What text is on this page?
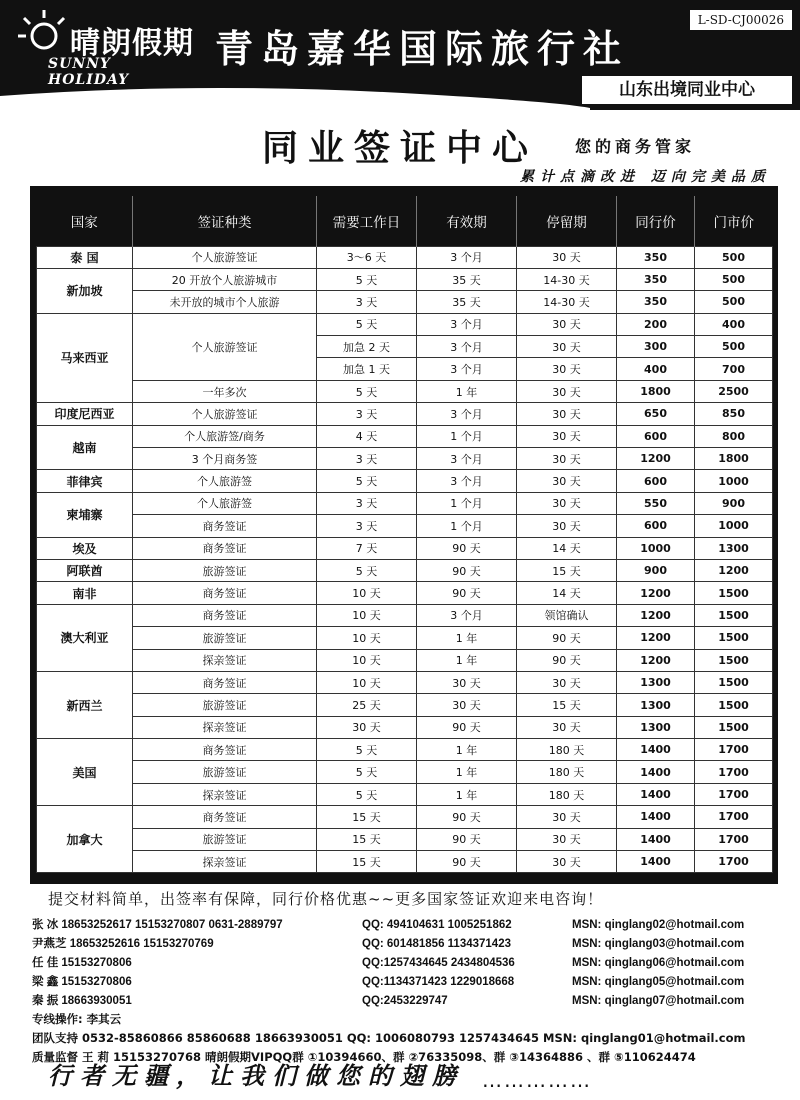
晴朗假期
SUNNY HOLIDAY
青岛嘉华国际旅行社
L-SD-CJ00026
山东出境同业中心
同业签证中心 您的商务管家
累计点滴改进 迈向完美品质
国家	签证种类	需要工作日	有效期	停留期	同行价	门市价
泰 国	个人旅游签证	3～6 天	3 个月	30 天	350	500
新加坡	20 开放个人旅游城市	5 天	35 天	14-30 天	350	500
	未开放的城市个人旅游	3 天	35 天	14-30 天	350	500
马来西亚	个人旅游签证	5 天	3 个月	30 天	200	400
		加急 2 天	3 个月	30 天	300	500
		加急 1 天	3 个月	30 天	400	700
	一年多次	5 天	1 年	30 天	1800	2500
印度尼西亚	个人旅游签证	3 天	3 个月	30 天	650	850
越南	个人旅游签/商务	4 天	1 个月	30 天	600	800
	3 个月商务签	3 天	3 个月	30 天	1200	1800
菲律宾	个人旅游签	5 天	3 个月	30 天	600	1000
柬埔寨	个人旅游签	3 天	1 个月	30 天	550	900
	商务签证	3 天	1 个月	30 天	600	1000
埃及	商务签证	7 天	90 天	14 天	1000	1300
阿联酋	旅游签证	5 天	90 天	15 天	900	1200
南非	商务签证	10 天	90 天	14 天	1200	1500
澳大利亚	商务签证	10 天	3 个月	领馆确认	1200	1500
	旅游签证	10 天	1 年	90 天	1200	1500
	探亲签证	10 天	1 年	90 天	1200	1500
新西兰	商务签证	10 天	30 天	30 天	1300	1500
	旅游签证	25 天	30 天	15 天	1300	1500
	探亲签证	30 天	90 天	30 天	1300	1500
美国	商务签证	5 天	1 年	180 天	1400	1700
	旅游签证	5 天	1 年	180 天	1400	1700
	探亲签证	5 天	1 年	180 天	1400	1700
加拿大	商务签证	15 天	90 天	30 天	1400	1700
	旅游签证	15 天	90 天	30 天	1400	1700
	探亲签证	15 天	90 天	30 天	1400	1700
提交材料简单，出签率有保障，同行价格优惠~~更多国家签证欢迎来电咨询！
张 冰 18653252617 15153270807 0631-2889797	QQ: 494104631 1005251862	MSN: qinglang02@hotmail.com
尹燕芝 18653252616 15153270769	QQ: 601481856 1134371423	MSN: qinglang03@hotmail.com
任 佳 15153270806	QQ:1257434645 2434804536	MSN: qinglang06@hotmail.com
梁 鑫 15153270806	QQ:1134371423 1229018668	MSN: qinglang05@hotmail.com
秦 振 18663930051	QQ:2453229747	MSN: qinglang07@hotmail.com
专线操作: 李其云
团队支持 0532-85860866 85860688 18663930051 QQ: 1006080793 1257434645 MSN: qinglang01@hotmail.com
质量监督 王 莉 15153270768 晴朗假期VIPQQ群 ①10394660、群 ②76335098、群 ③14364886 、群 ⑤110624474
行者无疆，让我们做您的翅膀 ……………
